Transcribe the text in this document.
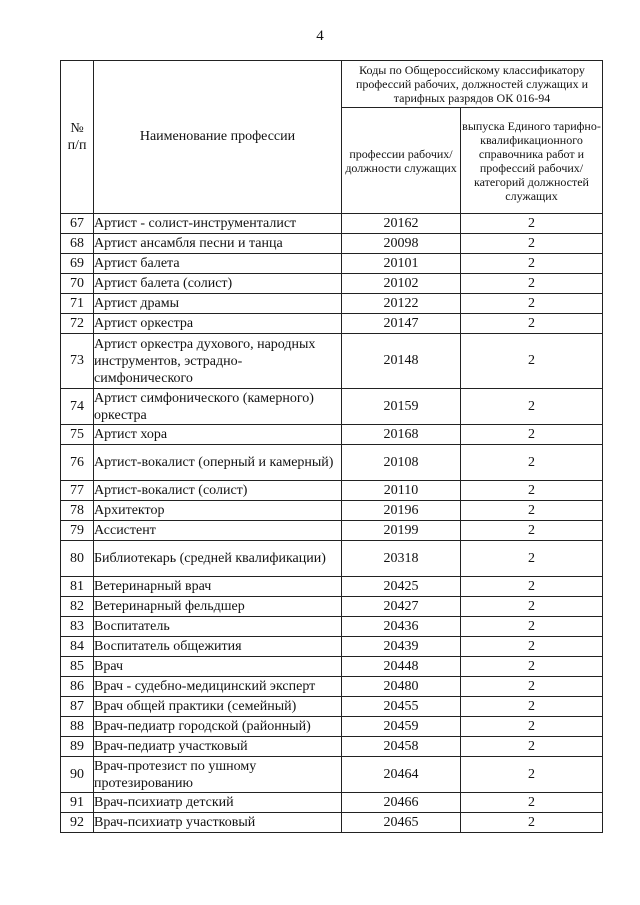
4
№
п/п	Наименование профессии	Коды по Общероссийскому классификатору профессий рабочих, должностей служащих и тарифных разрядов ОК 016-94	
		профессии рабочих/ должности служащих	выпуска Единого тарифно-квалификационного справочника работ и профессий рабочих/категорий должностей служащих
67	Артист - солист-инструменталист	20162	2
68	Артист ансамбля песни и танца	20098	2
69	Артист балета	20101	2
70	Артист балета (солист)	20102	2
71	Артист драмы	20122	2
72	Артист оркестра	20147	2
73	Артист оркестра духового, народных инструментов, эстрадно-симфонического	20148	2
74	Артист симфонического (камерного) оркестра	20159	2
75	Артист хора	20168	2
76	Артист-вокалист (оперный и камерный)	20108	2
77	Артист-вокалист (солист)	20110	2
78	Архитектор	20196	2
79	Ассистент	20199	2
80	Библиотекарь (средней квалификации)	20318	2
81	Ветеринарный врач	20425	2
82	Ветеринарный фельдшер	20427	2
83	Воспитатель	20436	2
84	Воспитатель общежития	20439	2
85	Врач	20448	2
86	Врач - судебно-медицинский эксперт	20480	2
87	Врач общей практики (семейный)	20455	2
88	Врач-педиатр городской (районный)	20459	2
89	Врач-педиатр участковый	20458	2
90	Врач-протезист по ушному протезированию	20464	2
91	Врач-психиатр детский	20466	2
92	Врач-психиатр участковый	20465	2
